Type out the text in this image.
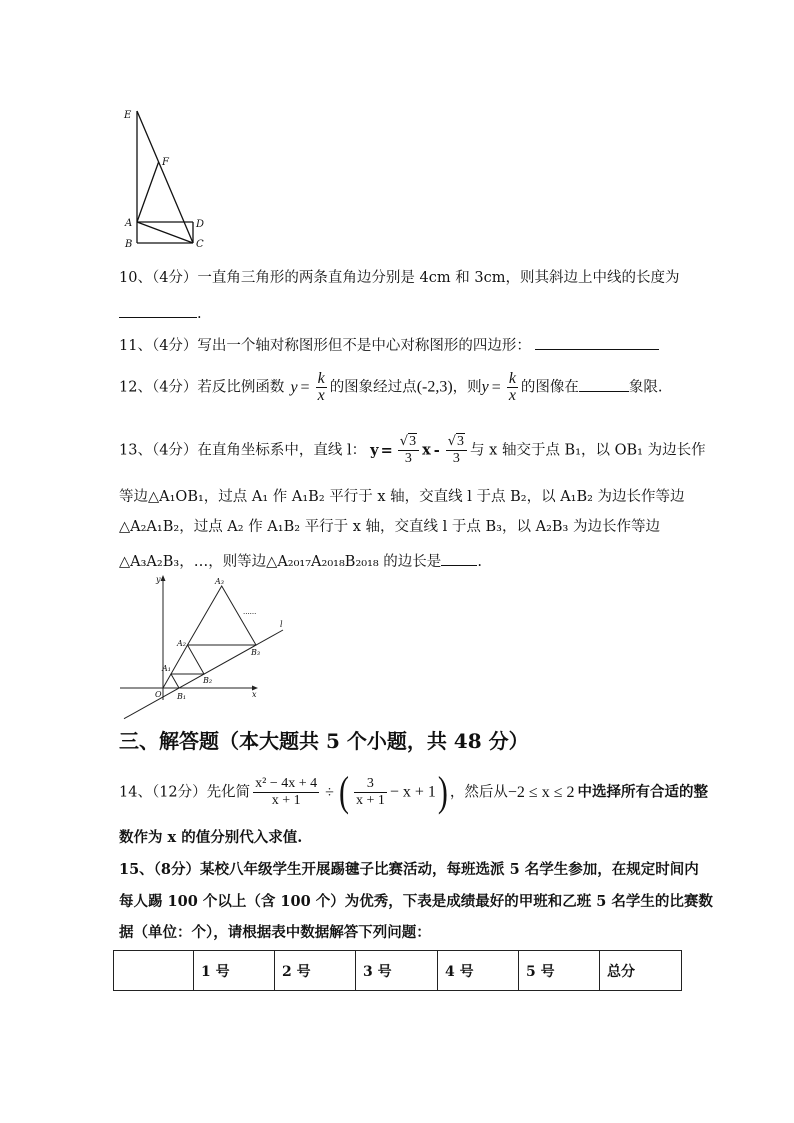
E
F
A	D
B	C
10、（4分）一直角三角形的两条直角边分别是 4cm 和 3cm，则其斜边上中线的长度为
.
11、（4分）写出一个轴对称图形但不是中心对称图形的四边形：
12、（4分）若反比例函数 $y = \frac{k}{x}$ 的图象经过点(-2,3)，则$y = \frac{k}{x}$ 的图像在	象限.
13、（4分）在直角坐标系中，直线 l： $y = \frac{√3}{3}$ x - $\frac{√3}{3}$ 与 x 轴交于点 B₁，以 OB₁ 为边长作
等边△A₁OB₁，过点 A₁ 作 A₁B₂ 平行于 x 轴，交直线 l 于点 B₂，以 A₁B₂ 为边长作等边
△A₂A₁B₂，过点 A₂ 作 A₁B₂ 平行于 x 轴，交直线 l 于点 B₃，以 A₂B₃ 为边长作等边
△A₃A₂B₃，…，则等边△A₂₀₁₇A₂₀₁₈B₂₀₁₈ 的边长是 .
y
x
O
l
A₁
A₂
A₃
B₁
B₂
B₃
......
三、解答题（本大题共 5 个小题，共 48 分）
14、（12分）先化简 $\frac{\text{x² − 4x + 4}}{x + 1}$ ÷ ( $\frac{3}{x + 1} - x + 1$) ，然后从−2 ≤ x ≤ 2 中选择所有合适的整
数作为 x 的值分别代入求值.
15、（8分）某校八年级学生开展踢毽子比赛活动，每班选派 5 名学生参加，在规定时间内
每人踢 100 个以上（含 100 个）为优秀，下表是成绩最好的甲班和乙班 5 名学生的比赛数
据（单位：个），请根据表中数据解答下列问题：
	1 号	2 号	3 号	4 号	5 号	总分
